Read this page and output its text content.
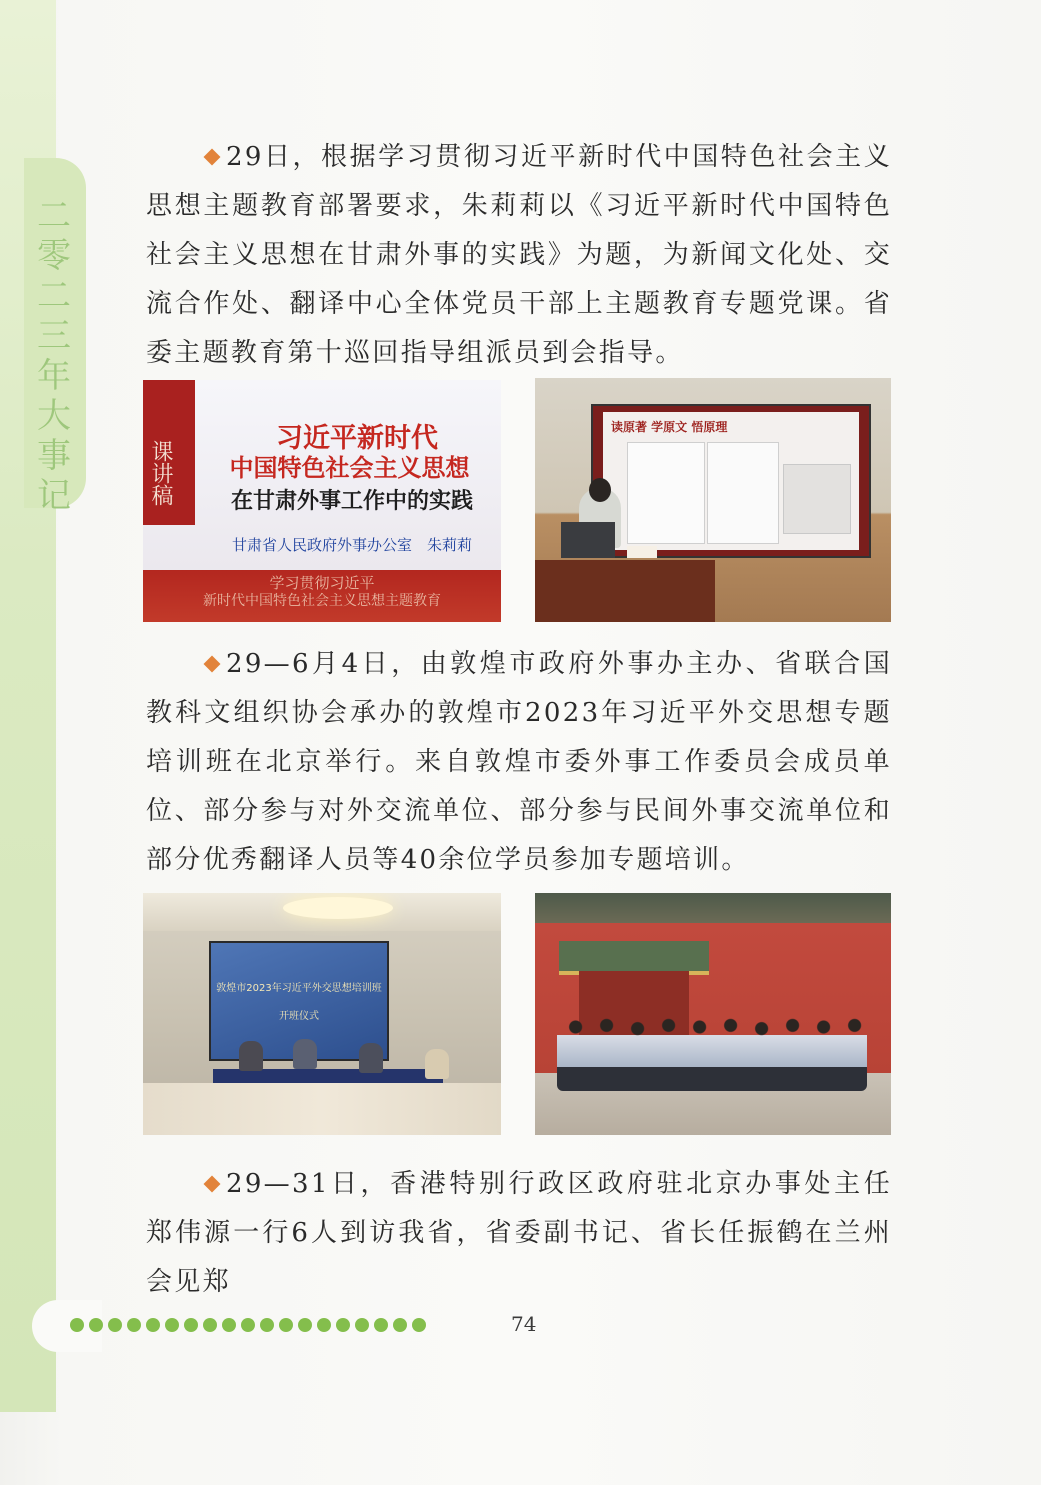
二零二三年大事记
29日，根据学习贯彻习近平新时代中国特色社会主义思想主题教育部署要求，朱莉莉以《习近平新时代中国特色社会主义思想在甘肃外事的实践》为题，为新闻文化处、交流合作处、翻译中心全体党员干部上主题教育专题党课。省委主题教育第十巡回指导组派员到会指导。
课讲稿
习近平新时代
中国特色社会主义思想
在甘肃外事工作中的实践
甘肃省人民政府外事办公室　朱莉莉
学习贯彻习近平
新时代中国特色社会主义思想主题教育
读原著 学原文 悟原理
29—6月4日，由敦煌市政府外事办主办、省联合国教科文组织协会承办的敦煌市2023年习近平外交思想专题培训班在北京举行。来自敦煌市委外事工作委员会成员单位、部分参与对外交流单位、部分参与民间外事交流单位和部分优秀翻译人员等40余位学员参加专题培训。
敦煌市2023年习近平外交思想培训班
开班仪式
29—31日，香港特别行政区政府驻北京办事处主任郑伟源一行6人到访我省，省委副书记、省长任振鹤在兰州会见郑
74
